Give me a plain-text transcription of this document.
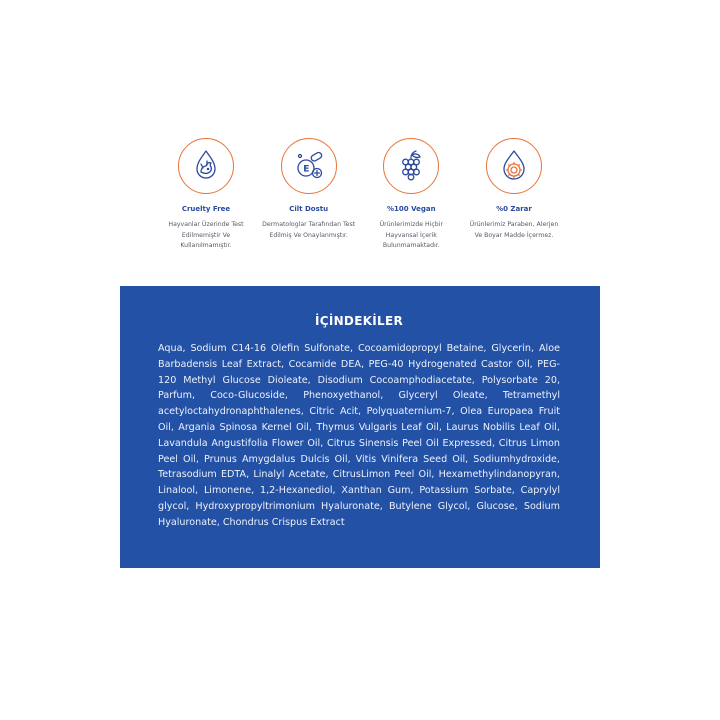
Cruelty Free
Hayvanlar Üzerinde Test Edilmemiştir Ve Kullanılmamıştır.
E
Cilt Dostu
Dermatologlar Tarafından Test Edilmiş Ve Onaylanmıştır.
%100 Vegan
Ürünlerimizde Hiçbir Hayvansal İçerik Bulunmamaktadır.
%0 Zarar
Ürünlerimiz Paraben, Alerjen Ve Boyar Madde İçermez.
İÇİNDEKİLER

Aqua, Sodium C14-16 Olefin Sulfonate, Cocoamidopropyl Betaine, Glycerin, Aloe Barbadensis Leaf Extract, Cocamide DEA, PEG-40 Hydrogenated Castor Oil, PEG-120 Methyl Glucose Dioleate, Disodium Cocoamphodiacetate, Polysorbate 20, Parfum, Coco-Glucoside, Phenoxyethanol, Glyceryl Oleate, Tetramethyl acetyloctahydronaphthalenes, Citric Acit, Polyquaternium-7, Olea Europaea Fruit Oil, Argania Spinosa Kernel Oil, Thymus Vulgaris Leaf Oil, Laurus Nobilis Leaf Oil, Lavandula Angustifolia Flower Oil, Citrus Sinensis Peel Oil Expressed, Citrus Limon Peel Oil, Prunus Amygdalus Dulcis Oil, Vitis Vinifera Seed Oil, Sodiumhydroxide, Tetrasodium EDTA, Linalyl Acetate, CitrusLimon Peel Oil, Hexamethylindanopyran, Linalool, Limonene, 1,2-Hexanediol, Xanthan Gum, Potassium Sorbate, Caprylyl glycol, Hydroxypropyltrimonium Hyaluronate, Butylene Glycol, Glucose, Sodium Hyaluronate, Chondrus Crispus Extract
